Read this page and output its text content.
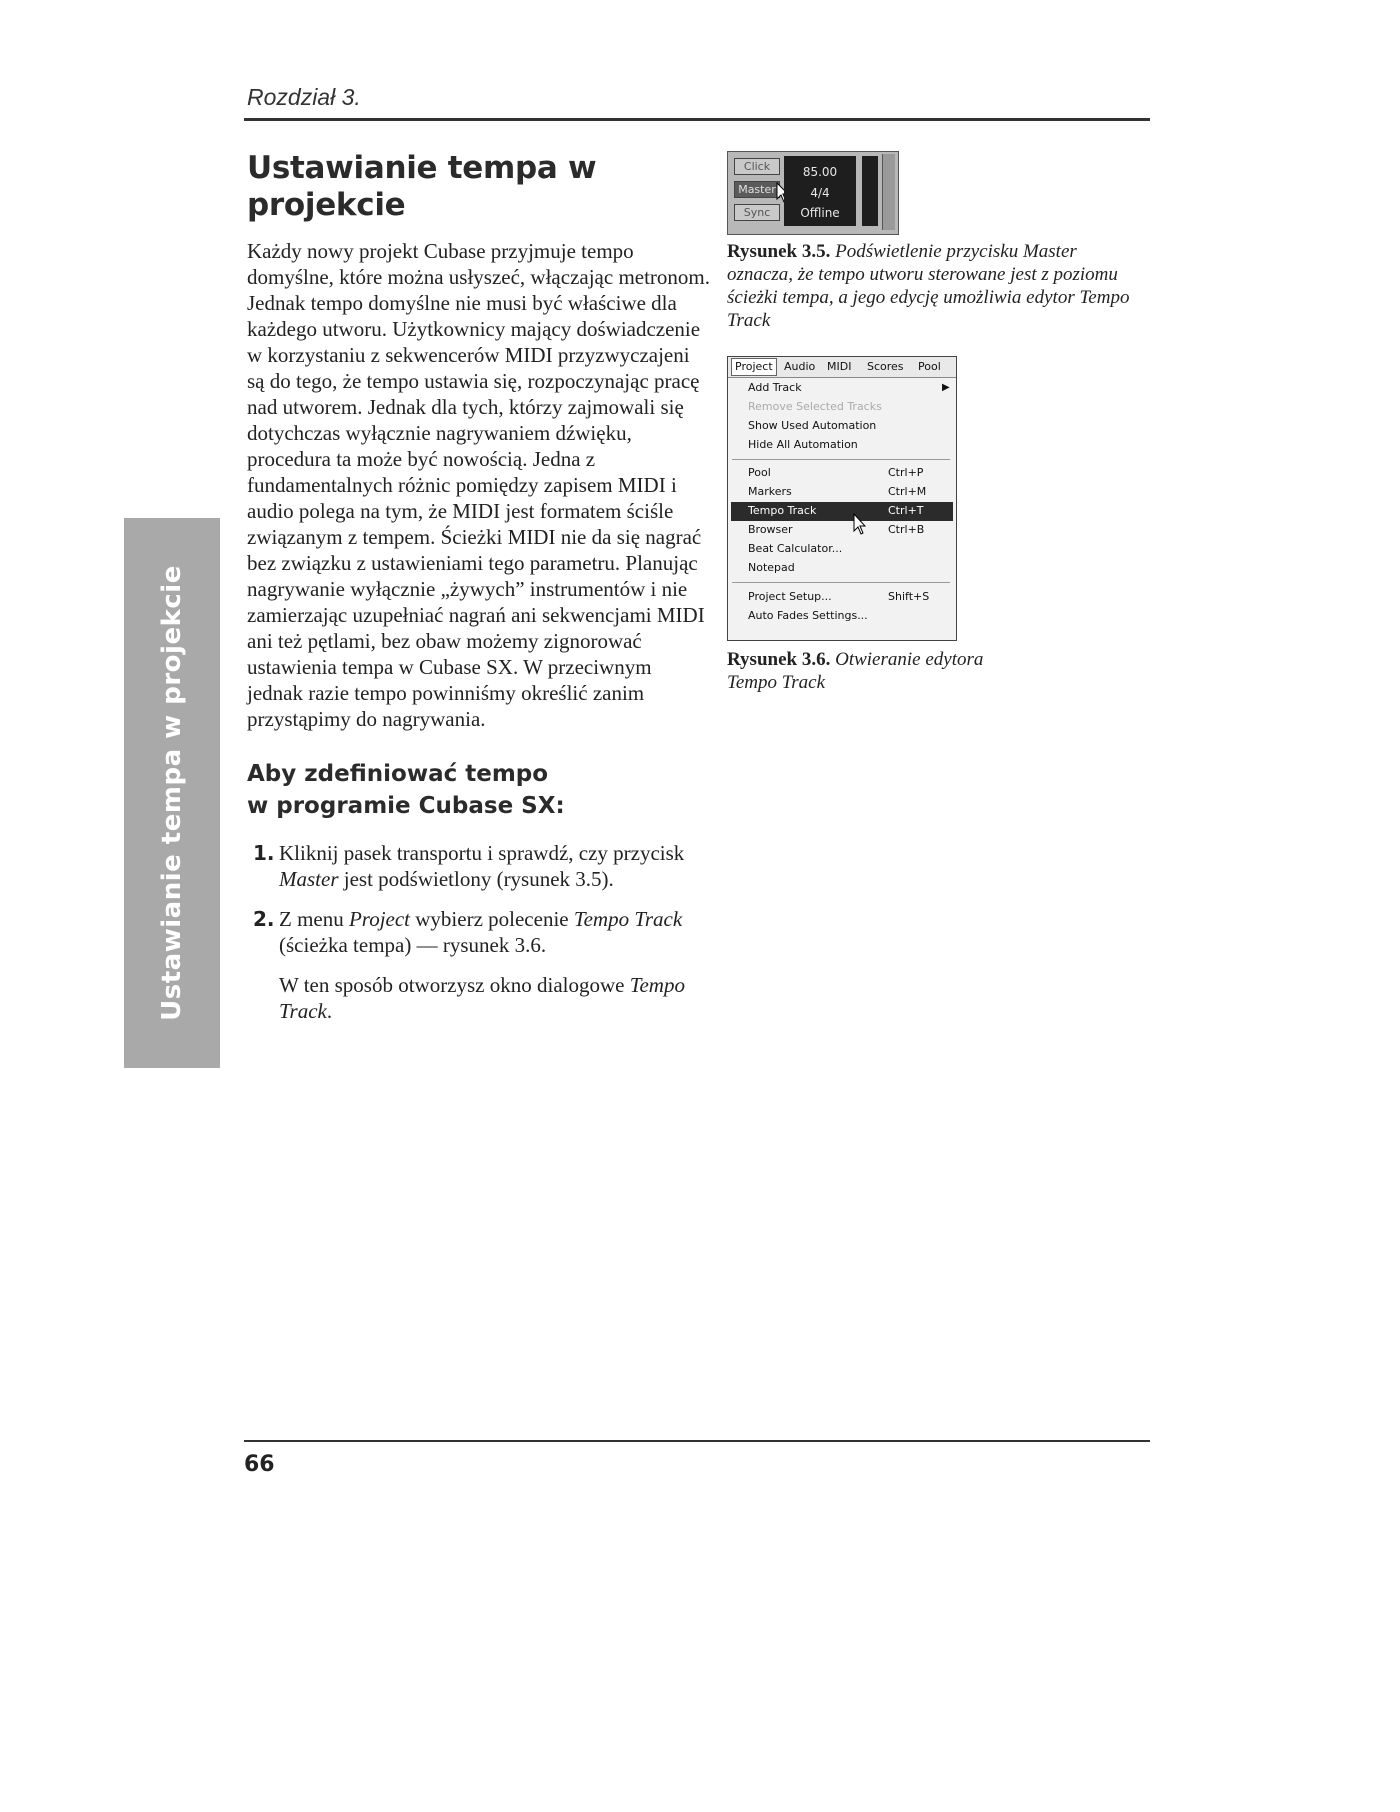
Rozdział 3.
Ustawianie tempa w projekcie
Ustawianie tempa w projekcie

Każdy nowy projekt Cubase przyjmuje tempo domyślne, które można usłyszeć, włączając metronom. Jednak tempo domyślne nie musi być właściwe dla każdego utworu. Użytkownicy mający doświadczenie w korzystaniu z sekwencerów MIDI przyzwyczajeni są do tego, że tempo ustawia się, rozpoczynając pracę nad utworem. Jednak dla tych, którzy zajmowali się dotychczas wyłącznie nagrywaniem dźwięku, procedura ta może być nowością. Jedna z fundamentalnych różnic pomiędzy zapisem MIDI i audio polega na tym, że MIDI jest formatem ściśle związanym z tempem. Ścieżki MIDI nie da się nagrać bez związku z ustawieniami tego parametru. Planując nagrywanie wyłącznie „żywych” instrumentów i nie zamierzając uzupełniać nagrań ani sekwencjami MIDI ani też pętlami, bez obaw możemy zignorować ustawienia tempa w Cubase SX. W przeciwnym jednak razie tempo powinniśmy określić zanim przystąpimy do nagrywania.

Aby zdefiniować tempo
w programie Cubase SX:
1. Kliknij pasek transportu i sprawdź, czy przycisk Master jest podświetlony (rysunek 3.5).
2. Z menu Project wybierz polecenie Tempo Track (ścieżka tempa) — rysunek 3.6.

W ten sposób otworzysz okno dialogowe Tempo Track.

Click
Master
Sync
85.00
4/4
Offline
Rysunek 3.5. Podświetlenie przycisku Master oznacza, że tempo utworu sterowane jest z poziomu ścieżki tempa, a jego edycję umożliwia edytor Tempo Track
Project	Audio MIDI Scores Pool
Add Track	▶
Remove Selected Tracks
Show Used Automation
Hide All Automation
Pool	Ctrl+P
Markers	Ctrl+M
Tempo Track	Ctrl+T
Browser	Ctrl+B
Beat Calculator...
Notepad
Project Setup...	Shift+S
Auto Fades Settings...
Rysunek 3.6. Otwieranie edytora Tempo Track
66
